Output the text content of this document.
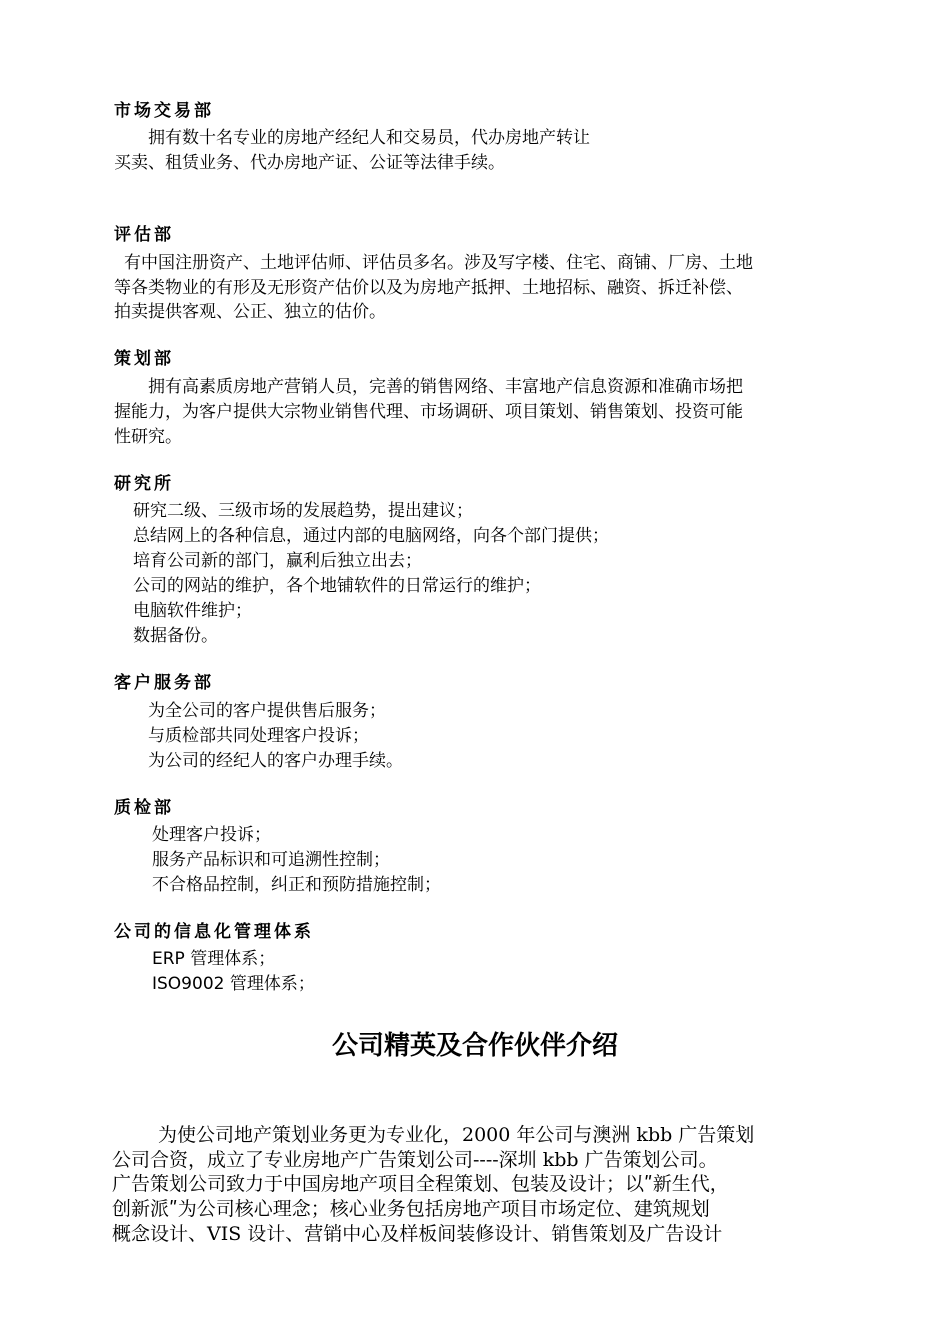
市场交易部

拥有数十名专业的房地产经纪人和交易员，代办房地产转让

买卖、租赁业务、代办房地产证、公证等法律手续。

评估部

有中国注册资产、土地评估师、评估员多名。涉及写字楼、住宅、商铺、厂房、土地

等各类物业的有形及无形资产估价以及为房地产抵押、土地招标、融资、拆迁补偿、

拍卖提供客观、公正、独立的估价。

策划部

拥有高素质房地产营销人员，完善的销售网络、丰富地产信息资源和准确市场把

握能力，为客户提供大宗物业销售代理、市场调研、项目策划、销售策划、投资可能

性研究。

研究所

研究二级、三级市场的发展趋势，提出建议；

总结网上的各种信息，通过内部的电脑网络，向各个部门提供；

培育公司新的部门，赢利后独立出去；

公司的网站的维护，各个地铺软件的日常运行的维护；

电脑软件维护；

数据备份。

客户服务部

为全公司的客户提供售后服务；

与质检部共同处理客户投诉；

为公司的经纪人的客户办理手续。

质检部

处理客户投诉；

服务产品标识和可追溯性控制；

不合格品控制，纠正和预防措施控制；

公司的信息化管理体系

ERP 管理体系；

ISO9002 管理体系；

公司精英及合作伙伴介绍

为使公司地产策划业务更为专业化，2000 年公司与澳洲 kbb 广告策划

公司合资，成立了专业房地产广告策划公司----深圳 kbb 广告策划公司。

广告策划公司致力于中国房地产项目全程策划、包装及设计；以ʺ新生代，

创新派ʺ为公司核心理念；核心业务包括房地产项目市场定位、建筑规划

概念设计、VIS 设计、营销中心及样板间装修设计、销售策划及广告设计
